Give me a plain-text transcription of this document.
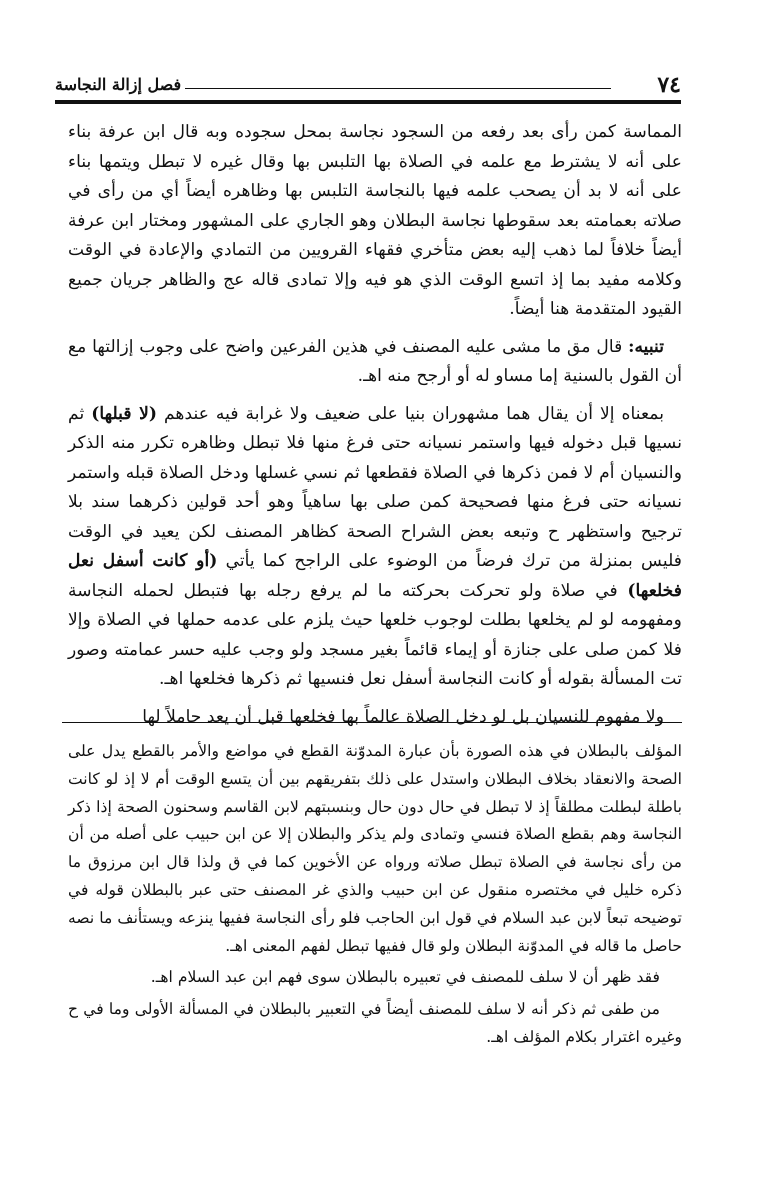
٧٤
فصل إزالة النجاسة

المماسة كمن رأى بعد رفعه من السجود نجاسة بمحل سجوده وبه قال ابن عرفة بناء على أنه لا يشترط مع علمه في الصلاة بها التلبس بها وقال غيره لا تبطل ويتمها بناء على أنه لا بد أن يصحب علمه فيها بالنجاسة التلبس بها وظاهره أيضاً أي من رأى في صلاته بعمامته بعد سقوطها نجاسة البطلان وهو الجاري على المشهور ومختار ابن عرفة أيضاً خلافاً لما ذهب إليه بعض متأخري فقهاء القرويين من التمادي والإعادة في الوقت وكلامه مفيد بما إذ اتسع الوقت الذي هو فيه وإلا تمادى قاله عج والظاهر جريان جميع القيود المتقدمة هنا أيضاً.

تنبيه: قال مق ما مشى عليه المصنف في هذين الفرعين واضح على وجوب إزالتها مع أن القول بالسنية إما مساو له أو أرجح منه اهـ.

بمعناه إلا أن يقال هما مشهوران بنيا على ضعيف ولا غرابة فيه عندهم (لا قبلها) ثم نسيها قبل دخوله فيها واستمر نسيانه حتى فرغ منها فلا تبطل وظاهره تكرر منه الذكر والنسيان أم لا فمن ذكرها في الصلاة فقطعها ثم نسي غسلها ودخل الصلاة قبله واستمر نسيانه حتى فرغ منها فصحيحة كمن صلى بها ساهياً وهو أحد قولين ذكرهما سند بلا ترجيح واستظهر ح وتبعه بعض الشراح الصحة كظاهر المصنف لكن يعيد في الوقت فليس بمنزلة من ترك فرضاً من الوضوء على الراجح كما يأتي (أو كانت أسفل نعل فخلعها) في صلاة ولو تحركت بحركته ما لم يرفع رجله بها فتبطل لحمله النجاسة ومفهومه لو لم يخلعها بطلت لوجوب خلعها حيث يلزم على عدمه حملها في الصلاة وإلا فلا كمن صلى على جنازة أو إيماء قائماً بغير مسجد ولو وجب عليه حسر عمامته وصور تت المسألة بقوله أو كانت النجاسة أسفل نعل فنسيها ثم ذكرها فخلعها اهـ.

ولا مفهوم للنسيان بل لو دخل الصلاة عالماً بها فخلعها قبل أن يعد حاملاً لها

المؤلف بالبطلان في هذه الصورة بأن عبارة المدوّنة القطع في مواضع والأمر بالقطع يدل على الصحة والانعقاد بخلاف البطلان واستدل على ذلك بتفريقهم بين أن يتسع الوقت أم لا إذ لو كانت باطلة لبطلت مطلقاً إذ لا تبطل في حال دون حال وبنسبتهم لابن القاسم وسحنون الصحة إذا ذكر النجاسة وهم بقطع الصلاة فنسي وتمادى ولم يذكر والبطلان إلا عن ابن حبيب على أصله من أن من رأى نجاسة في الصلاة تبطل صلاته ورواه عن الأخوين كما في ق ولذا قال ابن مرزوق ما ذكره خليل في مختصره منقول عن ابن حبيب والذي غر المصنف حتى عبر بالبطلان قوله في توضيحه تبعاً لابن عبد السلام في قول ابن الحاجب فلو رأى النجاسة ففيها ينزعه ويستأنف ما نصه حاصل ما قاله في المدوّنة البطلان ولو قال ففيها تبطل لفهم المعنى اهـ.

فقد ظهر أن لا سلف للمصنف في تعبيره بالبطلان سوى فهم ابن عبد السلام اهـ.

من طفى ثم ذكر أنه لا سلف للمصنف أيضاً في التعبير بالبطلان في المسألة الأولى وما في ح وغيره اغترار بكلام المؤلف اهـ.
